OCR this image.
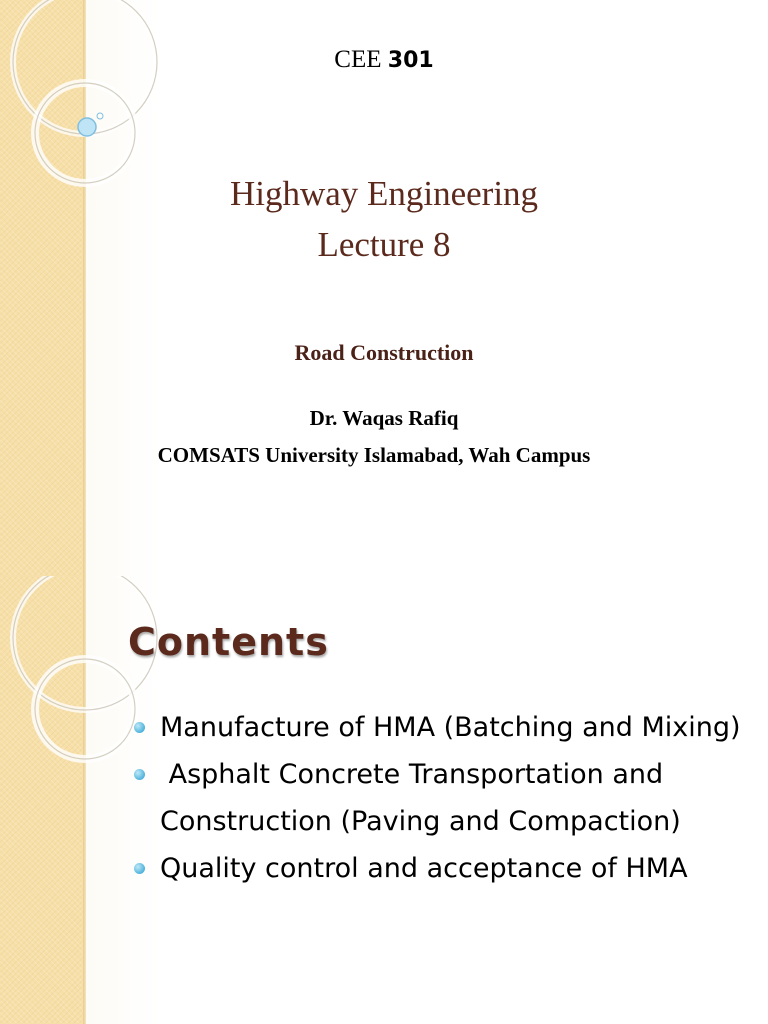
CEE 301
Highway Engineering
Lecture 8
Road Construction
Dr. Waqas Rafiq
COMSATS University Islamabad, Wah Campus
Contents
Manufacture of HMA (Batching and Mixing)
Asphalt Concrete Transportation and Construction (Paving and Compaction)
Quality control and acceptance of HMA
